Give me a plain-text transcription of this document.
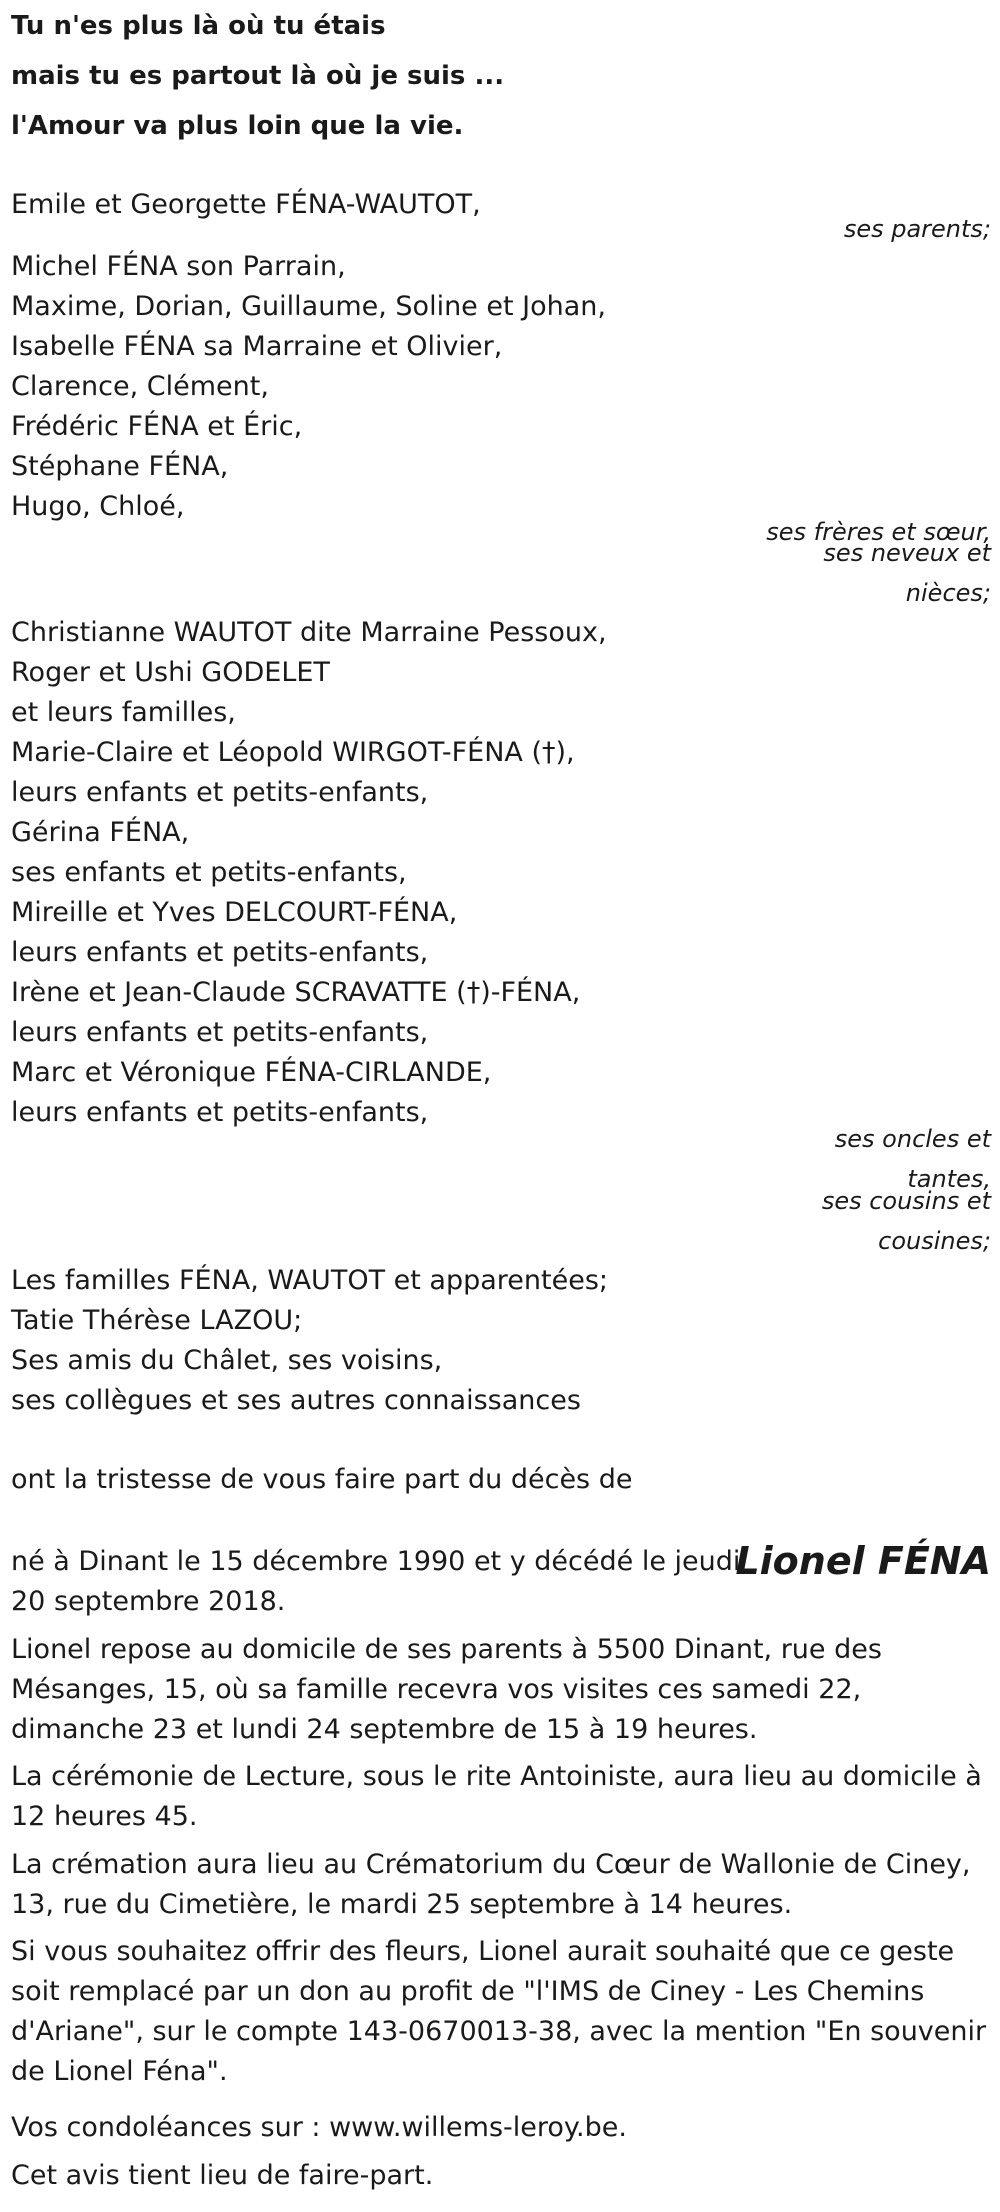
Tu n'es plus là où tu étais
mais tu es partout là où je suis ...
l'Amour va plus loin que la vie.
Emile et Georgette FÉNA-WAUTOT,
ses parents;
Michel FÉNA son Parrain,
Maxime, Dorian, Guillaume, Soline et Johan,
Isabelle FÉNA sa Marraine et Olivier,
Clarence, Clément,
Frédéric FÉNA et Éric,
Stéphane FÉNA,
Hugo, Chloé,
ses frères et sœur,
ses neveux et
nièces;
Christianne WAUTOT dite Marraine Pessoux,
Roger et Ushi GODELET
et leurs familles,
Marie-Claire et Léopold WIRGOT-FÉNA (†),
leurs enfants et petits-enfants,
Gérina FÉNA,
ses enfants et petits-enfants,
Mireille et Yves DELCOURT-FÉNA,
leurs enfants et petits-enfants,
Irène et Jean-Claude SCRAVATTE (†)-FÉNA,
leurs enfants et petits-enfants,
Marc et Véronique FÉNA-CIRLANDE,
leurs enfants et petits-enfants,
ses oncles et
tantes,
ses cousins et
cousines;
Les familles FÉNA, WAUTOT et apparentées;
Tatie Thérèse LAZOU;
Ses amis du Châlet, ses voisins,
ses collègues et ses autres connaissances
ont la tristesse de vous faire part du décès de
Lionel FÉNA
né à Dinant le 15 décembre 1990 et y décédé le jeudi
20 septembre 2018.
Lionel repose au domicile de ses parents à 5500 Dinant, rue des Mésanges, 15, où sa famille recevra vos visites ces samedi 22, dimanche 23 et lundi 24 septembre de 15 à 19 heures.
La cérémonie de Lecture, sous le rite Antoiniste, aura lieu au domicile à 12 heures 45.
La crémation aura lieu au Crématorium du Cœur de Wallonie de Ciney, 13, rue du Cimetière, le mardi 25 septembre à 14 heures.
Si vous souhaitez offrir des fleurs, Lionel aurait souhaité que ce geste soit remplacé par un don au profit de "l'IMS de Ciney - Les Chemins d'Ariane", sur le compte 143-0670013-38, avec la mention "En souvenir de Lionel Féna".
Vos condoléances sur : www.willems-leroy.be.
Cet avis tient lieu de faire-part.
